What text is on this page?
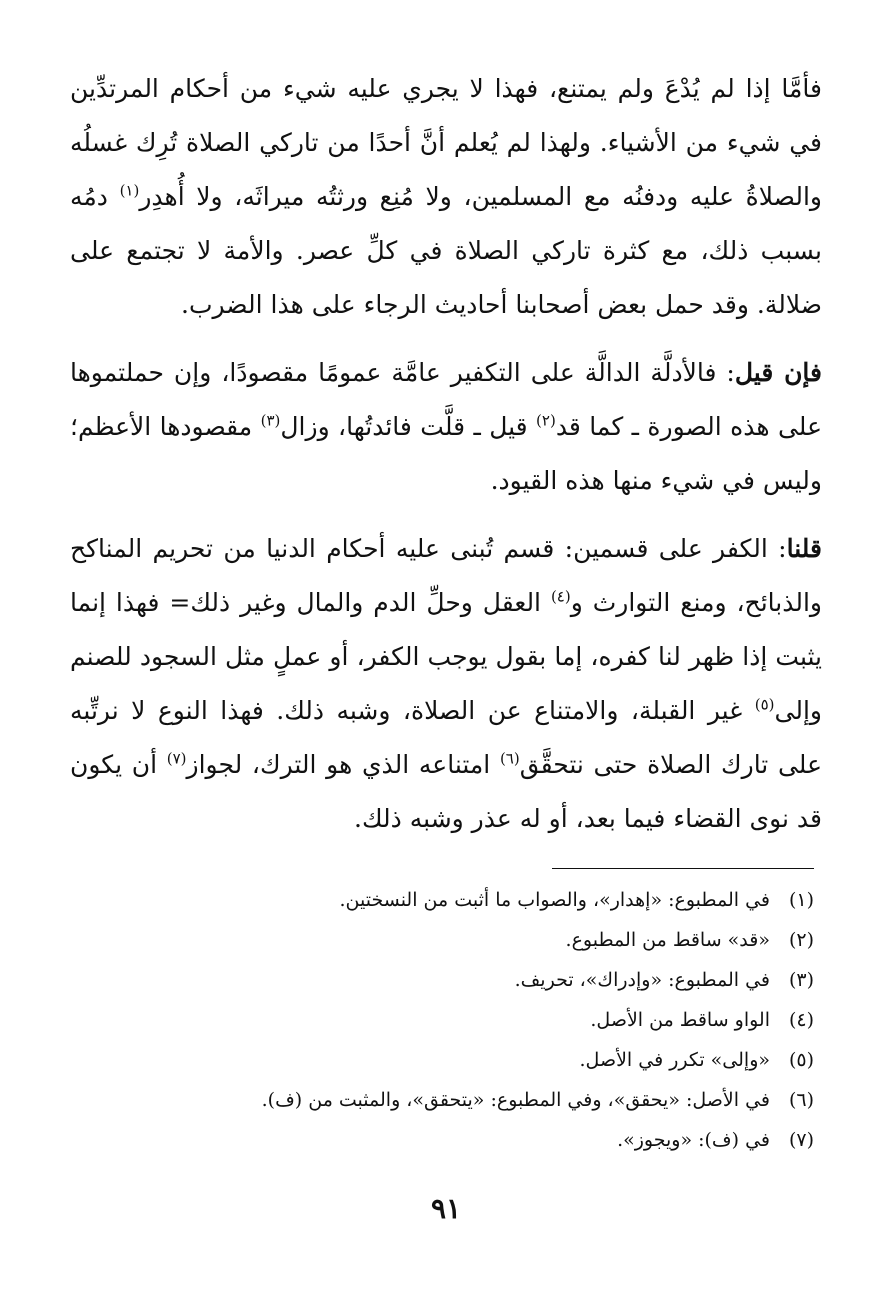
فأمَّا إذا لم يُدْعَ ولم يمتنع، فهذا لا يجري عليه شيء من أحكام المرتدِّين في شيء من الأشياء. ولهذا لم يُعلم أنَّ أحدًا من تاركي الصلاة تُرِك غسلُه والصلاةُ عليه ودفنُه مع المسلمين، ولا مُنِع ورثتُه ميراثَه، ولا أُهدِر$^{(١)}$ دمُه بسبب ذلك، مع كثرة تاركي الصلاة في كلِّ عصر. والأمة لا تجتمع على ضلالة. وقد حمل بعض أصحابنا أحاديث الرجاء على هذا الضرب.

فإن قيل: فالأدلَّة الدالَّة على التكفير عامَّة عمومًا مقصودًا، وإن حملتموها على هذه الصورة ـ كما قد$^{(٢)}$ قيل ـ قلَّت فائدتُها، وزال$^{(٣)}$ مقصودها الأعظم؛ وليس في شيء منها هذه القيود.

قلنا: الكفر على قسمين: قسم تُبنى عليه أحكام الدنيا من تحريم المناكح والذبائح، ومنع التوارث و$^{(٤)}$ العقل وحلِّ الدم والمال وغير ذلك= فهذا إنما يثبت إذا ظهر لنا كفره، إما بقول يوجب الكفر، أو عملٍ مثل السجود للصنم وإلى$^{(٥)}$ غير القبلة، والامتناع عن الصلاة، وشبه ذلك. فهذا النوع لا نرتِّبه على تارك الصلاة حتى نتحقَّق$^{(٦)}$ امتناعه الذي هو الترك، لجواز$^{(٧)}$ أن يكون قد نوى القضاء فيما بعد، أو له عذر وشبه ذلك.

(١)
في المطبوع: «إهدار»، والصواب ما أثبت من النسختين.
(٢)
«قد» ساقط من المطبوع.
(٣)
في المطبوع: «وإدراك»، تحريف.
(٤)
الواو ساقط من الأصل.
(٥)
«وإلى» تكرر في الأصل.
(٦)
في الأصل: «يحقق»، وفي المطبوع: «يتحقق»، والمثبت من (ف).
(٧)
في (ف): «ويجوز».
٩١
